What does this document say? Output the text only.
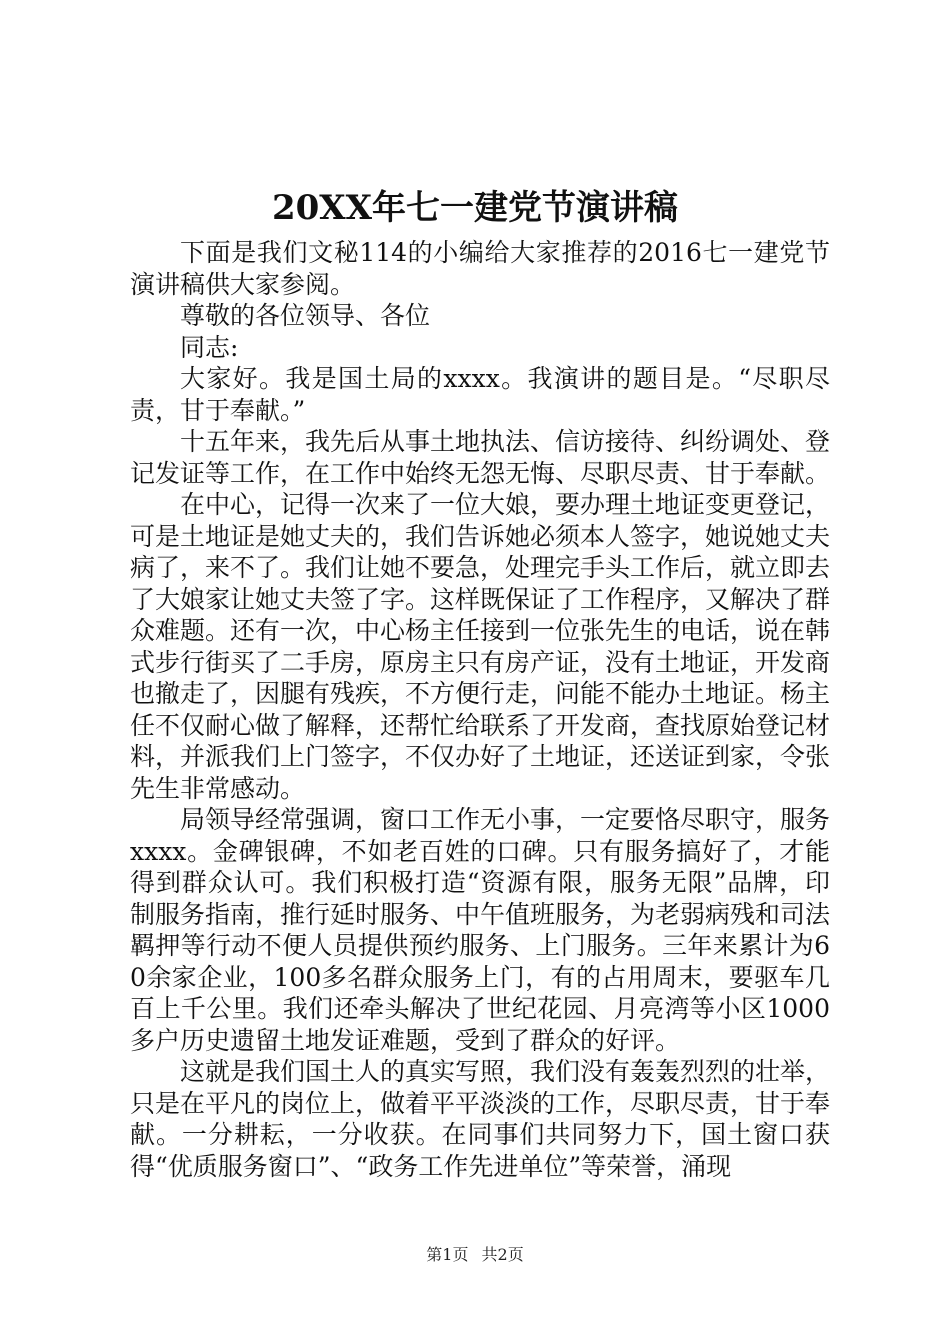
20XX年七一建党节演讲稿

下面是我们文秘114的小编给大家推荐的2016七一建党节演讲稿供大家参阅。

尊敬的各位领导、各位

同志:

大家好。我是国土局的xxxx。我演讲的题目是。“尽职尽责，甘于奉献。”

十五年来，我先后从事土地执法、信访接待、纠纷调处、登记发证等工作，在工作中始终无怨无悔、尽职尽责、甘于奉献。

在中心，记得一次来了一位大娘，要办理土地证变更登记，可是土地证是她丈夫的，我们告诉她必须本人签字，她说她丈夫病了，来不了。我们让她不要急，处理完手头工作后，就立即去了大娘家让她丈夫签了字。这样既保证了工作程序，又解决了群众难题。还有一次，中心杨主任接到一位张先生的电话，说在韩式步行街买了二手房，原房主只有房产证，没有土地证，开发商也撤走了，因腿有残疾，不方便行走，问能不能办土地证。杨主任不仅耐心做了解释，还帮忙给联系了开发商，查找原始登记材料，并派我们上门签字，不仅办好了土地证，还送证到家，令张先生非常感动。

局领导经常强调，窗口工作无小事，一定要恪尽职守，服务xxxx。金碑银碑，不如老百姓的口碑。只有服务搞好了，才能得到群众认可。我们积极打造“资源有限，服务无限”品牌，印制服务指南，推行延时服务、中午值班服务，为老弱病残和司法羁押等行动不便人员提供预约服务、上门服务。三年来累计为60余家企业，100多名群众服务上门，有的占用周末，要驱车几百上千公里。我们还牵头解决了世纪花园、月亮湾等小区1000多户历史遗留土地发证难题，受到了群众的好评。

这就是我们国土人的真实写照，我们没有轰轰烈烈的壮举，只是在平凡的岗位上，做着平平淡淡的工作，尽职尽责，甘于奉献。一分耕耘，一分收获。在同事们共同努力下，国土窗口获得“优质服务窗口”、“政务工作先进单位”等荣誉，涌现

第1页 共2页
